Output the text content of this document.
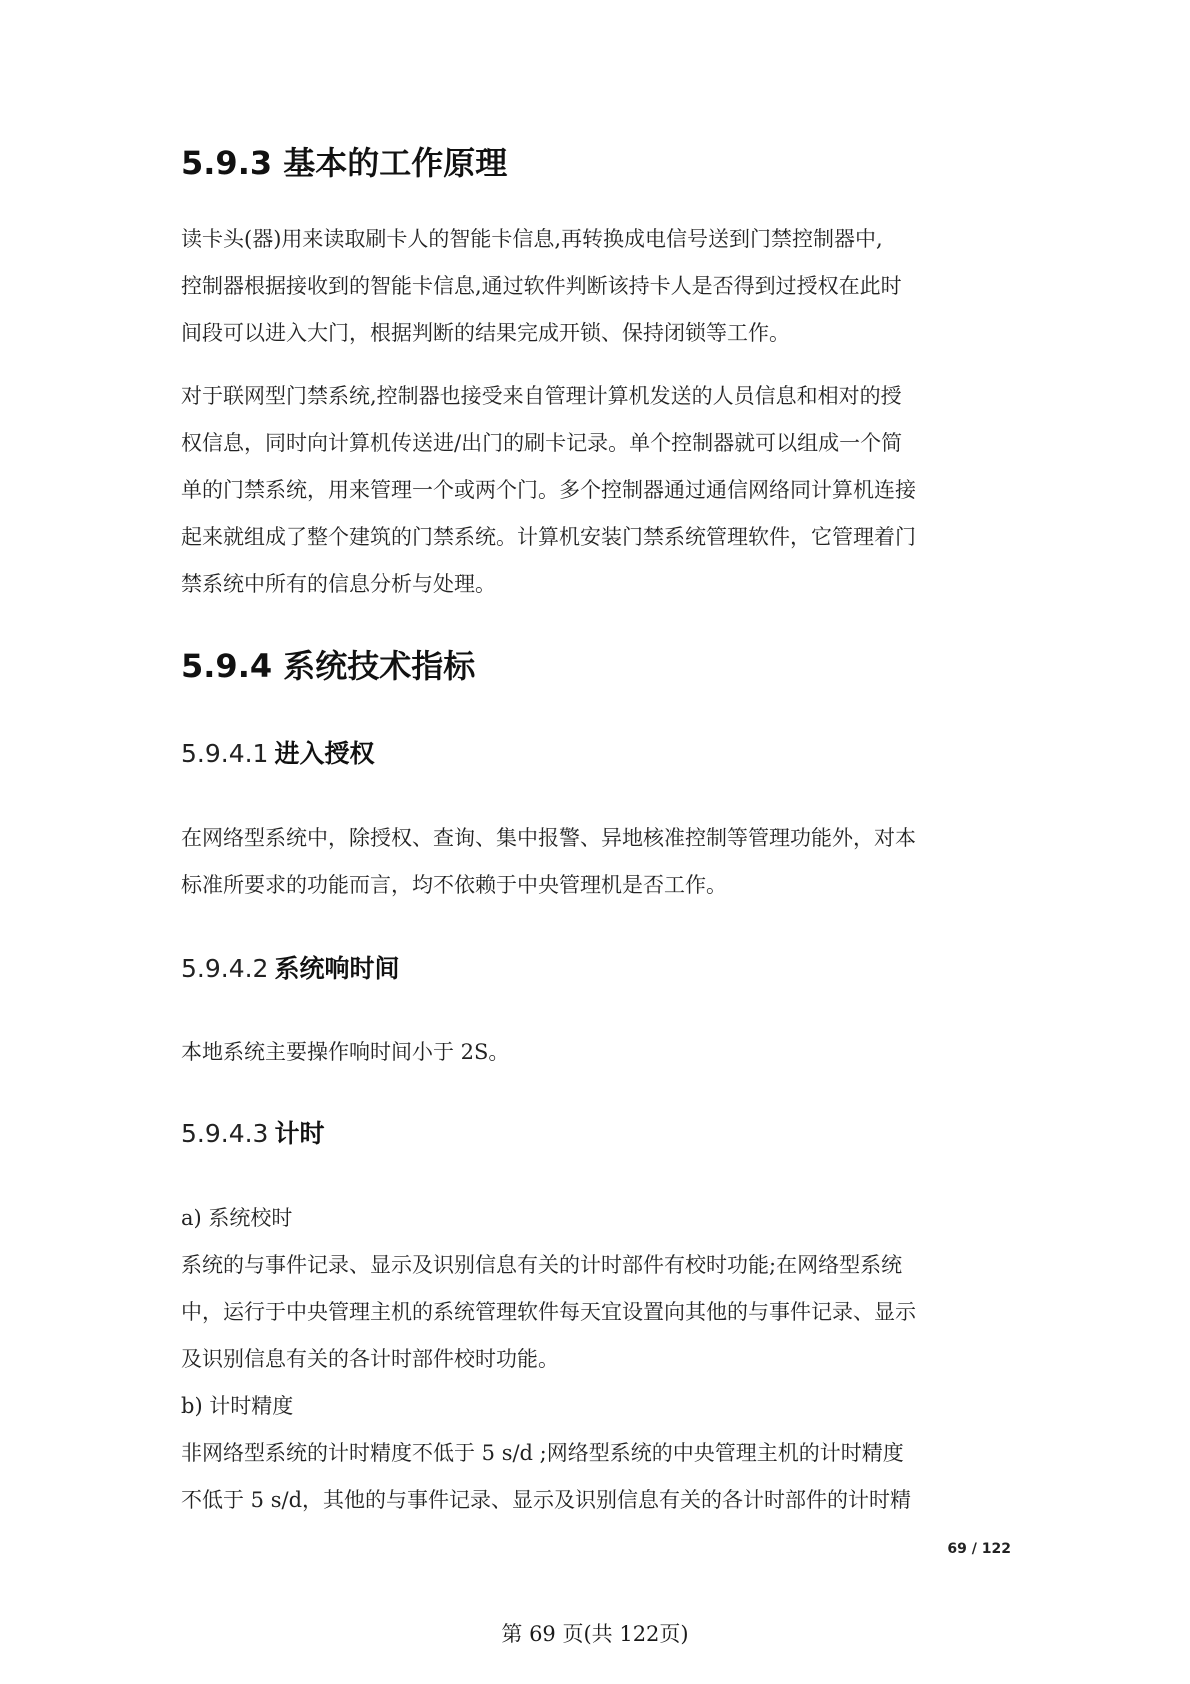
5.9.3 基本的工作原理
读卡头(器)用来读取刷卡人的智能卡信息,再转换成电信号送到门禁控制器中,
控制器根据接收到的智能卡信息,通过软件判断该持卡人是否得到过授权在此时
间段可以进入大门，根据判断的结果完成开锁、保持闭锁等工作。
对于联网型门禁系统,控制器也接受来自管理计算机发送的人员信息和相对的授
权信息，同时向计算机传送进/出门的刷卡记录。单个控制器就可以组成一个简
单的门禁系统，用来管理一个或两个门。多个控制器通过通信网络同计算机连接
起来就组成了整个建筑的门禁系统。计算机安装门禁系统管理软件，它管理着门
禁系统中所有的信息分析与处理。
5.9.4 系统技术指标
5.9.4.1 进入授权
在网络型系统中，除授权、查询、集中报警、异地核准控制等管理功能外，对本
标准所要求的功能而言，均不依赖于中央管理机是否工作。
5.9.4.2 系统响时间
本地系统主要操作响时间小于 2S。
5.9.4.3 计时
a) 系统校时
系统的与事件记录、显示及识别信息有关的计时部件有校时功能;在网络型系统
中，运行于中央管理主机的系统管理软件每天宜设置向其他的与事件记录、显示
及识别信息有关的各计时部件校时功能。
b) 计时精度
非网络型系统的计时精度不低于 5 s/d ;网络型系统的中央管理主机的计时精度
不低于 5 s/d，其他的与事件记录、显示及识别信息有关的各计时部件的计时精
69 / 122
第 69 页(共 122页)
